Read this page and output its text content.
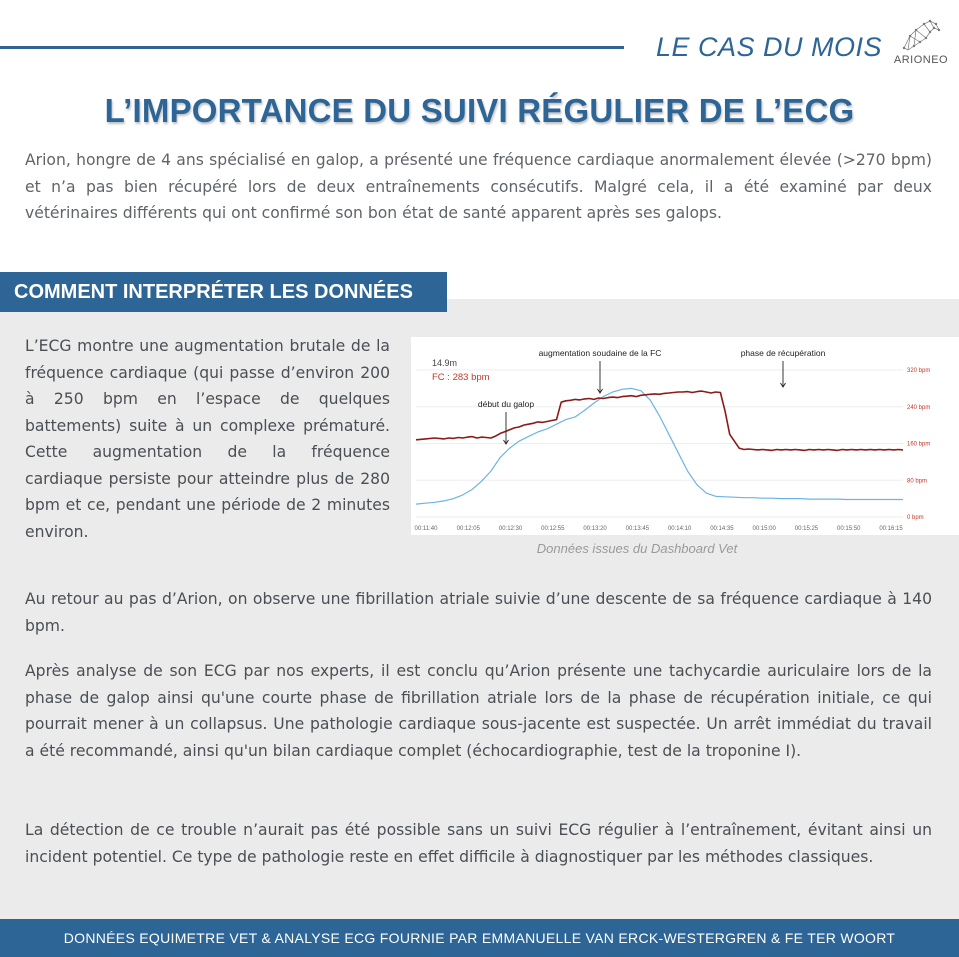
LE CAS DU MOIS	ARIONEO
L’IMPORTANCE DU SUIVI RÉGULIER DE L’ECG

Arion, hongre de 4 ans spécialisé en galop, a présenté une fréquence cardiaque anormalement élevée (>270 bpm) et n’a pas bien récupéré lors de deux entraînements consécutifs. Malgré cela, il a été examiné par deux vétérinaires différents qui ont confirmé son bon état de santé apparent après ses galops.

COMMENT INTERPRÉTER LES DONNÉES

L’ECG montre une augmentation brutale de la fréquence cardiaque (qui passe d’environ 200 à 250 bpm en l’espace de quelques battements) suite à un complexe prématuré. Cette augmentation de la fréquence cardiaque persiste pour atteindre plus de 280 bpm et ce, pendant une période de 2 minutes environ.

0 bpm
80 bpm
160 bpm
240 bpm
320 bpm
00:11:40	00:12:05	00:12:30	00:12:55	00:13:20	00:13:45	00:14:10	00:14:35	00:15:00	00:15:25	00:15:50	00:16:15
14.9m
FC : 283 bpm
début du galop
augmentation soudaine de la FC	phase de récupération
Données issues du Dashboard Vet

Au retour au pas d’Arion, on observe une fibrillation atriale suivie d’une descente de sa fréquence cardiaque à 140 bpm.

Après analyse de son ECG par nos experts, il est conclu qu’Arion présente une tachycardie auriculaire lors de la phase de galop ainsi qu'une courte phase de fibrillation atriale lors de la phase de récupération initiale, ce qui pourrait mener à un collapsus. Une pathologie cardiaque sous-jacente est suspectée. Un arrêt immédiat du travail a été recommandé, ainsi qu'un bilan cardiaque complet (échocardiographie, test de la troponine I).

La détection de ce trouble n’aurait pas été possible sans un suivi ECG régulier à l’entraînement, évitant ainsi un incident potentiel. Ce type de pathologie reste en effet difficile à diagnostiquer par les méthodes classiques.

DONNÉES EQUIMETRE VET & ANALYSE ECG FOURNIE PAR EMMANUELLE VAN ERCK-WESTERGREN & FE TER WOORT
